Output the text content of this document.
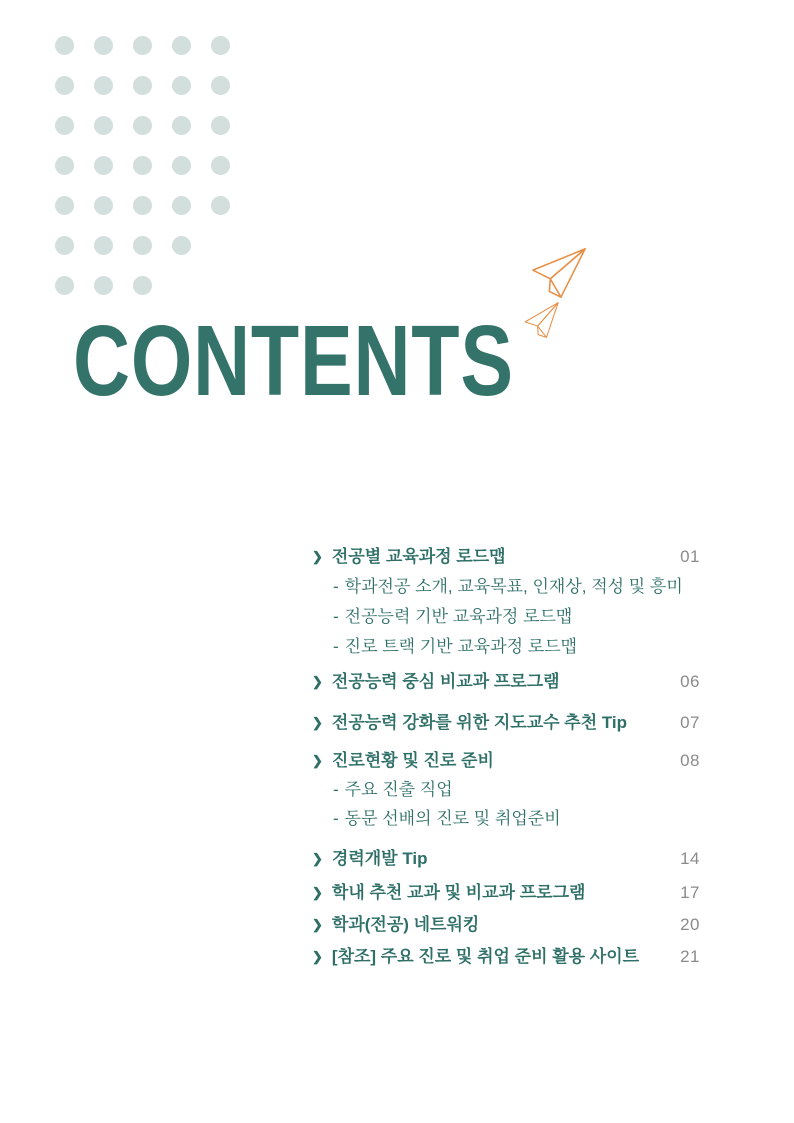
CONTENTS
❯ 전공별 교육과정 로드맵	01
- 학과전공 소개, 교육목표, 인재상, 적성 및 흥미
- 전공능력 기반 교육과정 로드맵
- 진로 트랙 기반 교육과정 로드맵
❯ 전공능력 중심 비교과 프로그램	06
❯ 전공능력 강화를 위한 지도교수 추천 Tip	07
❯ 진로현황 및 진로 준비	08
- 주요 진출 직업
- 동문 선배의 진로 및 취업준비
❯ 경력개발 Tip	14
❯ 학내 추천 교과 및 비교과 프로그램	17
❯ 학과(전공) 네트워킹	20
❯ [참조] 주요 진로 및 취업 준비 활용 사이트 21
